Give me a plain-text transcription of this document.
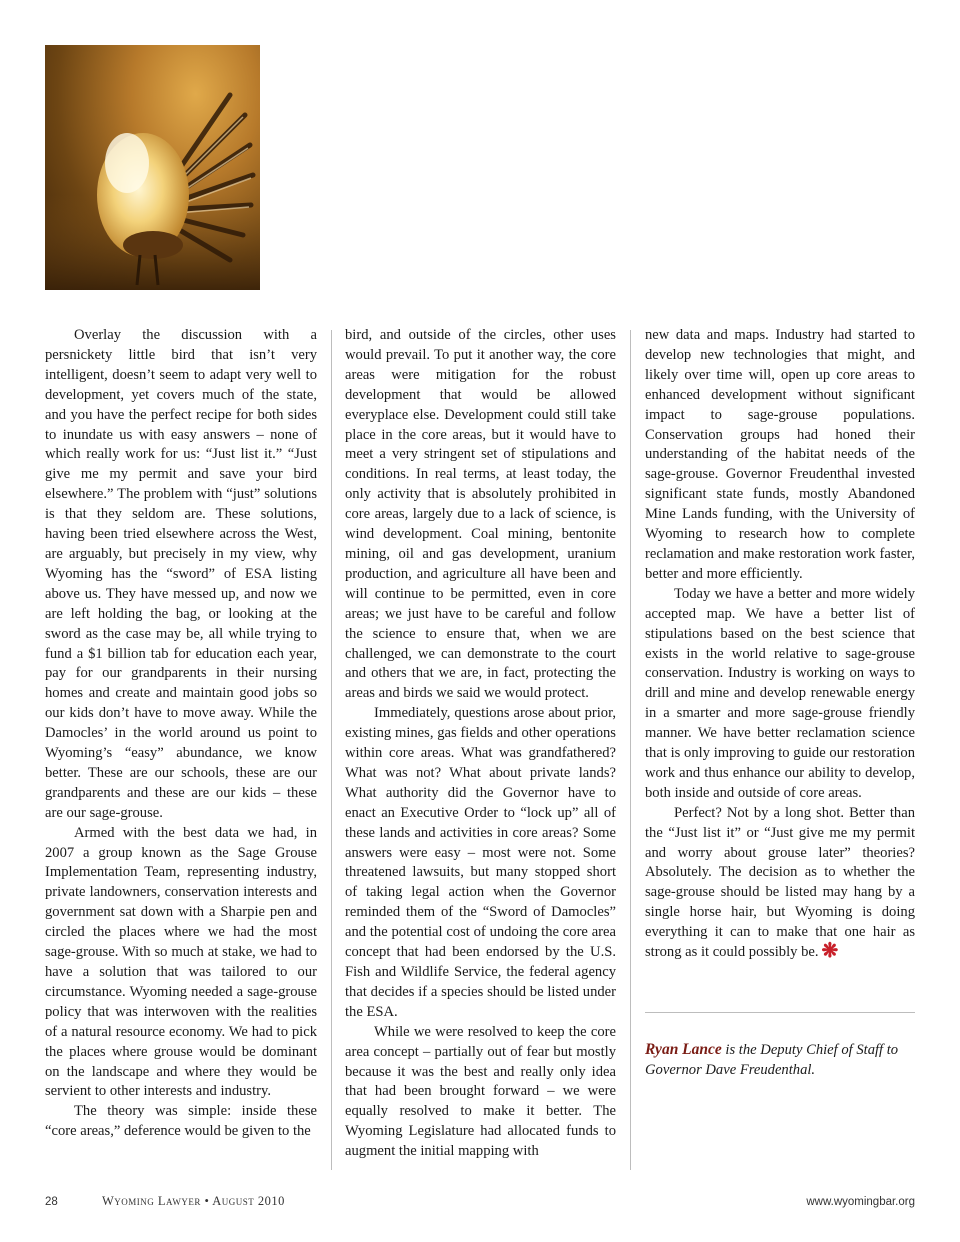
Overlay the discussion with a persnickety little bird that isn’t very intelligent, doesn’t seem to adapt very well to development, yet covers much of the state, and you have the perfect recipe for both sides to inundate us with easy answers – none of which really work for us: “Just list it.” “Just give me my permit and save your bird elsewhere.” The problem with “just” solutions is that they seldom are. These solutions, having been tried elsewhere across the West, are arguably, but precisely in my view, why Wyoming has the “sword” of ESA listing above us. They have messed up, and now we are left holding the bag, or looking at the sword as the case may be, all while trying to fund a $1 billion tab for education each year, pay for our grandparents in their nursing homes and create and maintain good jobs so our kids don’t have to move away. While the Damocles’ in the world around us point to Wyoming’s “easy” abundance, we know better. These are our schools, these are our grandparents and these are our kids – these are our sage-grouse.

Armed with the best data we had, in 2007 a group known as the Sage Grouse Implementation Team, representing industry, private landowners, conservation interests and government sat down with a Sharpie pen and circled the places where we had the most sage-grouse. With so much at stake, we had to have a solution that was tailored to our circumstance. Wyoming needed a sage-grouse policy that was interwoven with the realities of a natural resource economy. We had to pick the places where grouse would be dominant on the landscape and where they would be servient to other interests and industry.

The theory was simple: inside these “core areas,” deference would be given to the

bird, and outside of the circles, other uses would prevail. To put it another way, the core areas were mitigation for the robust development that would be allowed everyplace else. Development could still take place in the core areas, but it would have to meet a very stringent set of stipulations and conditions. In real terms, at least today, the only activity that is absolutely prohibited in core areas, largely due to a lack of science, is wind development. Coal mining, bentonite mining, oil and gas development, uranium production, and agriculture all have been and will continue to be permitted, even in core areas; we just have to be careful and follow the science to ensure that, when we are challenged, we can demonstrate to the court and others that we are, in fact, protecting the areas and birds we said we would protect.

Immediately, questions arose about prior, existing mines, gas fields and other operations within core areas. What was grandfathered? What was not? What about private lands? What authority did the Governor have to enact an Executive Order to “lock up” all of these lands and activities in core areas? Some answers were easy – most were not. Some threatened lawsuits, but many stopped short of taking legal action when the Governor reminded them of the “Sword of Damocles” and the potential cost of undoing the core area concept that had been endorsed by the U.S. Fish and Wildlife Service, the federal agency that decides if a species should be listed under the ESA.

While we were resolved to keep the core area concept – partially out of fear but mostly because it was the best and really only idea that had been brought forward – we were equally resolved to make it better. The Wyoming Legislature had allocated funds to augment the initial mapping with

new data and maps. Industry had started to develop new technologies that might, and likely over time will, open up core areas to enhanced development without significant impact to sage-grouse populations. Conservation groups had honed their understanding of the habitat needs of the sage-grouse. Governor Freudenthal invested significant state funds, mostly Abandoned Mine Lands funding, with the University of Wyoming to research how to complete reclamation and make restoration work faster, better and more efficiently.

Today we have a better and more widely accepted map. We have a better list of stipulations based on the best science that exists in the world relative to sage-grouse conservation. Industry is working on ways to drill and mine and develop renewable energy in a smarter and more sage-grouse friendly manner. We have better reclamation science that is only improving to guide our restoration work and thus enhance our ability to develop, both inside and outside of core areas.

Perfect? Not by a long shot. Better than the “Just list it” or “Just give me my permit and worry about grouse later” theories? Absolutely. The decision as to whether the sage-grouse should be listed may hang by a single horse hair, but Wyoming is doing everything it can to make that one hair as strong as it could possibly be. ❋

Ryan Lance is the Deputy Chief of Staff to Governor Dave Freudenthal.
28	Wyoming Lawyer • August 2010	www.wyomingbar.org
